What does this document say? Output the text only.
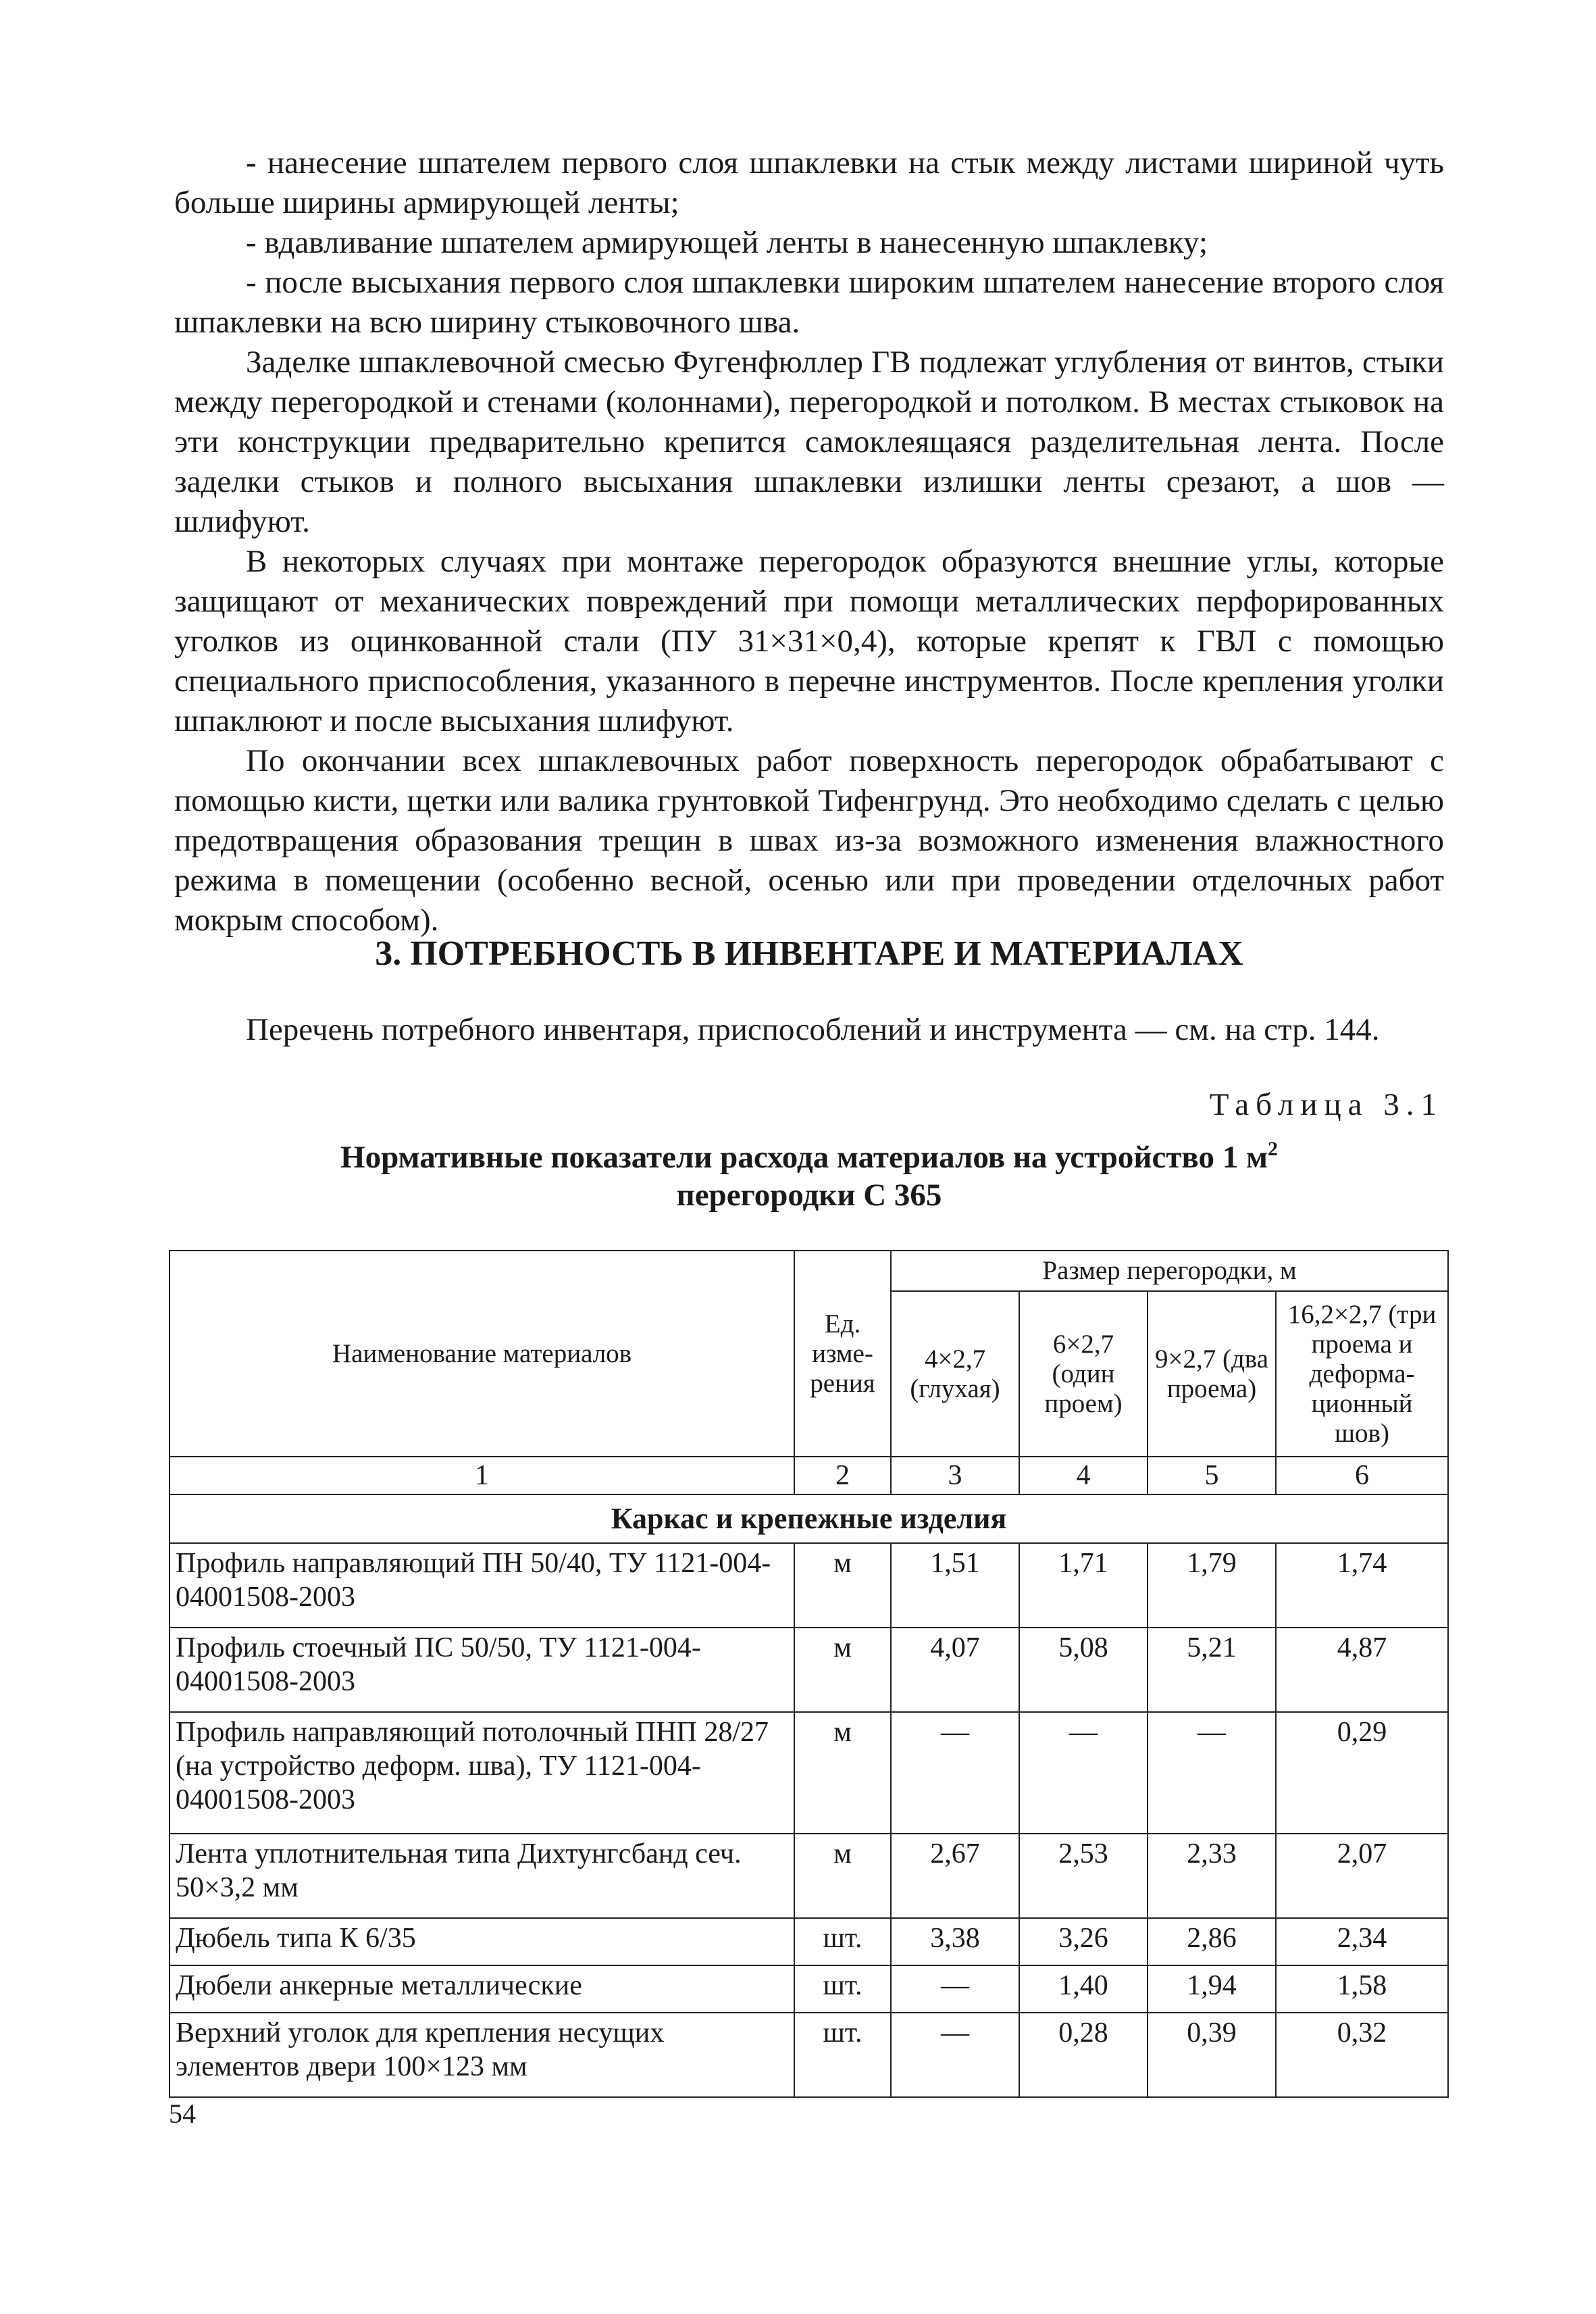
- нанесение шпателем первого слоя шпаклевки на стык между листами шириной чуть больше ширины армирующей ленты;

- вдавливание шпателем армирующей ленты в нанесенную шпаклевку;

- после высыхания первого слоя шпаклевки широким шпателем нанесение второго слоя шпаклевки на всю ширину стыковочного шва.

Заделке шпаклевочной смесью Фугенфюллер ГВ подлежат углубления от винтов, стыки между перегородкой и стенами (колоннами), перегородкой и потолком. В местах стыковок на эти конструкции предварительно крепится самоклеящаяся разделительная лента. После заделки стыков и полного высыхания шпаклевки излишки ленты срезают, а шов — шлифуют.

В некоторых случаях при монтаже перегородок образуются внешние углы, которые защищают от механических повреждений при помощи металлических перфорированных уголков из оцинкованной стали (ПУ 31×31×0,4), которые крепят к ГВЛ с помощью специального приспособления, указанного в перечне инструментов. После крепления уголки шпаклюют и после высыхания шлифуют.

По окончании всех шпаклевочных работ поверхность перегородок обрабатывают с помощью кисти, щетки или валика грунтовкой Тифенгрунд. Это необходимо сделать с целью предотвращения образования трещин в швах из-за возможного изменения влажностного режима в помещении (особенно весной, осенью или при проведении отделочных работ мокрым способом).

3. ПОТРЕБНОСТЬ В ИНВЕНТАРЕ И МАТЕРИАЛАХ

Перечень потребного инвентаря, приспособлений и инструмента — см. на стр. 144.

Таблица 3.1

Нормативные показатели расхода материалов на устройство 1 $м^2$
перегородки С 365
Наименование материалов	Ед. изме-рения	Размер перегородки, м			
		4×2,7 (глухая)	6×2,7 (один проем)	9×2,7 (два проема)	16,2×2,7 (три проема и деформа-ционный шов)
1	2	3	4	5	6
Каркас и крепежные изделия					
Профиль направляющий ПН 50/40, ТУ 1121-004-04001508-2003	м	1,51	1,71	1,79	1,74
Профиль стоечный ПС 50/50, ТУ 1121-004-04001508-2003	м	4,07	5,08	5,21	4,87
Профиль направляющий потолочный ПНП 28/27 (на устройство деформ. шва), ТУ 1121-004-04001508-2003	м	—	—	—	0,29
Лента уплотнительная типа Дихтунгсбанд сеч. 50×3,2 мм	м	2,67	2,53	2,33	2,07
Дюбель типа К 6/35	шт.	3,38	3,26	2,86	2,34
Дюбели анкерные металлические	шт.	—	1,40	1,94	1,58
Верхний уголок для крепления несущих элементов двери 100×123 мм	шт.	—	0,28	0,39	0,32

54
